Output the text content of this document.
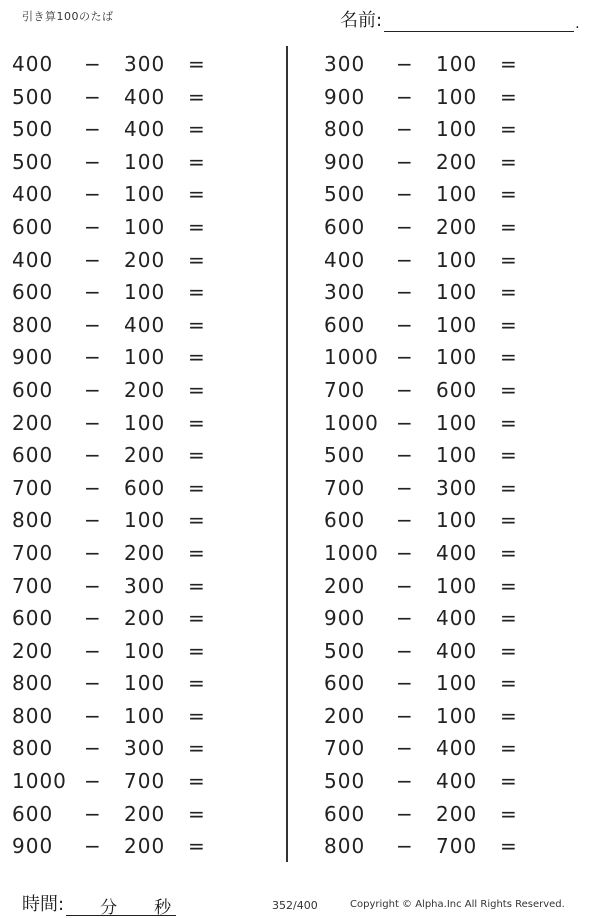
引き算100のたば	名前:	.
400	− 300	=
500	− 400	=
500	− 400	=
500	− 100	=
400	− 100	=
600	− 100	=
400	− 200	=
600	− 100	=
800	− 400	=
900	− 100	=
600	− 200	=
200	− 100	=
600	− 200	=
700	− 600	=
800	− 100	=
700	− 200	=
700	− 300	=
600	− 200	=
200	− 100	=
800	− 100	=
800	− 100	=
800	− 300	=
1000 − 700	=
600	− 200	=
900	− 200	=
300	− 100	=
900	− 100	=
800	− 100	=
900	− 200	=
500	− 100	=
600	− 200	=
400	− 100	=
300	− 100	=
600	− 100	=
1000 − 100	=
700	− 600	=
1000 − 100	=
500	− 100	=
700	− 300	=
600	− 100	=
1000 − 400	=
200	− 100	=
900	− 400	=
500	− 400	=
600	− 100	=
200	− 100	=
700	− 400	=
500	− 400	=
600	− 200	=
800	− 700	=
時間: 分 秒	352/400	Copyright © Alpha.Inc All Rights Reserved.
